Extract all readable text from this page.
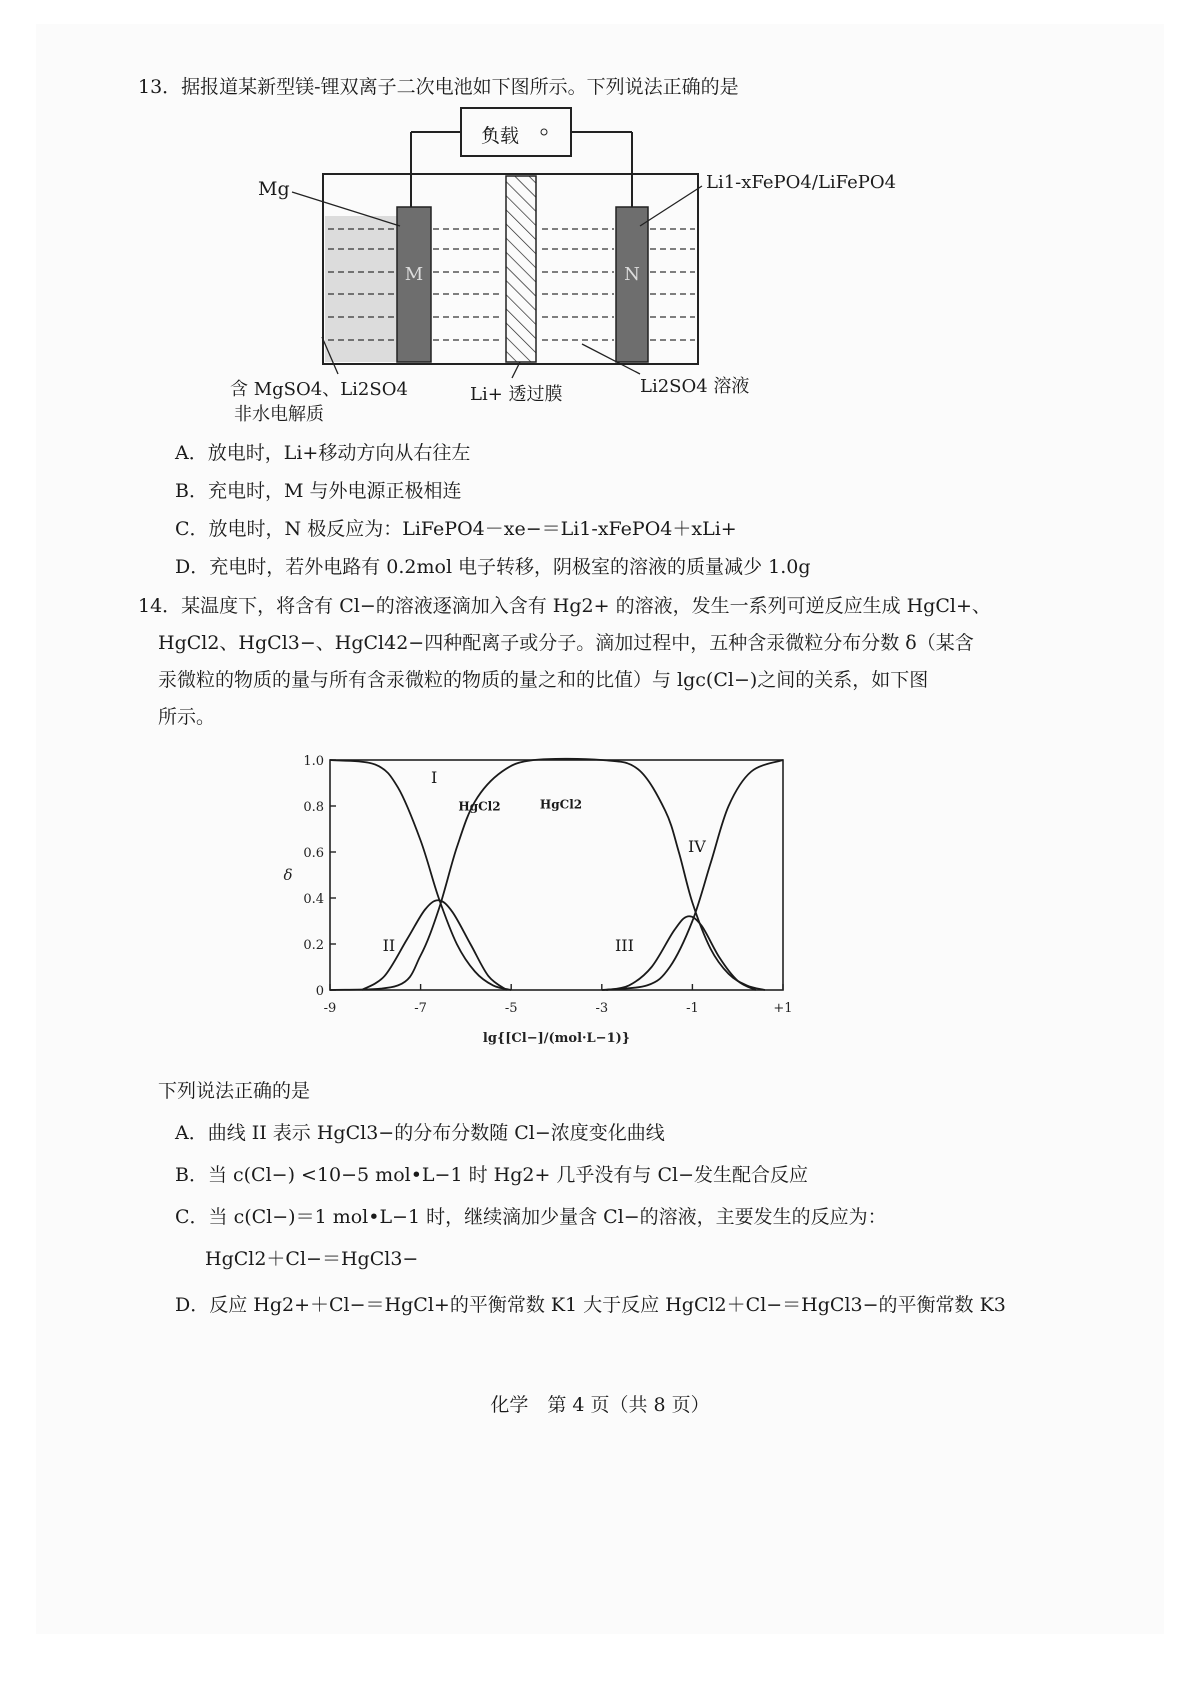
13．据报道某新型镁-锂双离子二次电池如下图所示。下列说法正确的是
M	N
负载
Mg	Li1-xFePO4/LiFePO4
含 MgSO4、Li2SO4
非水电解质
Li+ 透过膜	Li2SO4 溶液
A．放电时，Li+移动方向从右往左
B．充电时，M 与外电源正极相连
C．放电时，N 极反应为：LiFePO4－xe−＝Li1-xFePO4＋xLi+
D．充电时，若外电路有 0.2mol 电子转移，阴极室的溶液的质量减少 1.0g
14．某温度下，将含有 Cl−的溶液逐滴加入含有 Hg2+ 的溶液，发生一系列可逆反应生成 HgCl+、
HgCl2、HgCl3−、HgCl42−四种配离子或分子。滴加过程中，五种含汞微粒分布分数 δ（某含
汞微粒的物质的量与所有含汞微粒的物质的量之和的比值）与 lgc(Cl−)之间的关系，如下图
所示。
-9	-7	-5	-3	-1	+1
0
0.2
0.4
0.6
0.8
1.0
lg{[Cl−]/(mol·L−1)}
δ
I
II
HgCl2	HgCl2
III
IV
下列说法正确的是
A．曲线 II 表示 HgCl3−的分布分数随 Cl−浓度变化曲线
B．当 c(Cl−) <10−5 mol•L−1 时 Hg2+ 几乎没有与 Cl−发生配合反应
C．当 c(Cl−)＝1 mol•L−1 时，继续滴加少量含 Cl−的溶液，主要发生的反应为：
HgCl2＋Cl−＝HgCl3−
D．反应 Hg2+＋Cl−＝HgCl+的平衡常数 K1 大于反应 HgCl2＋Cl−＝HgCl3−的平衡常数 K3
化学　第 4 页（共 8 页）
